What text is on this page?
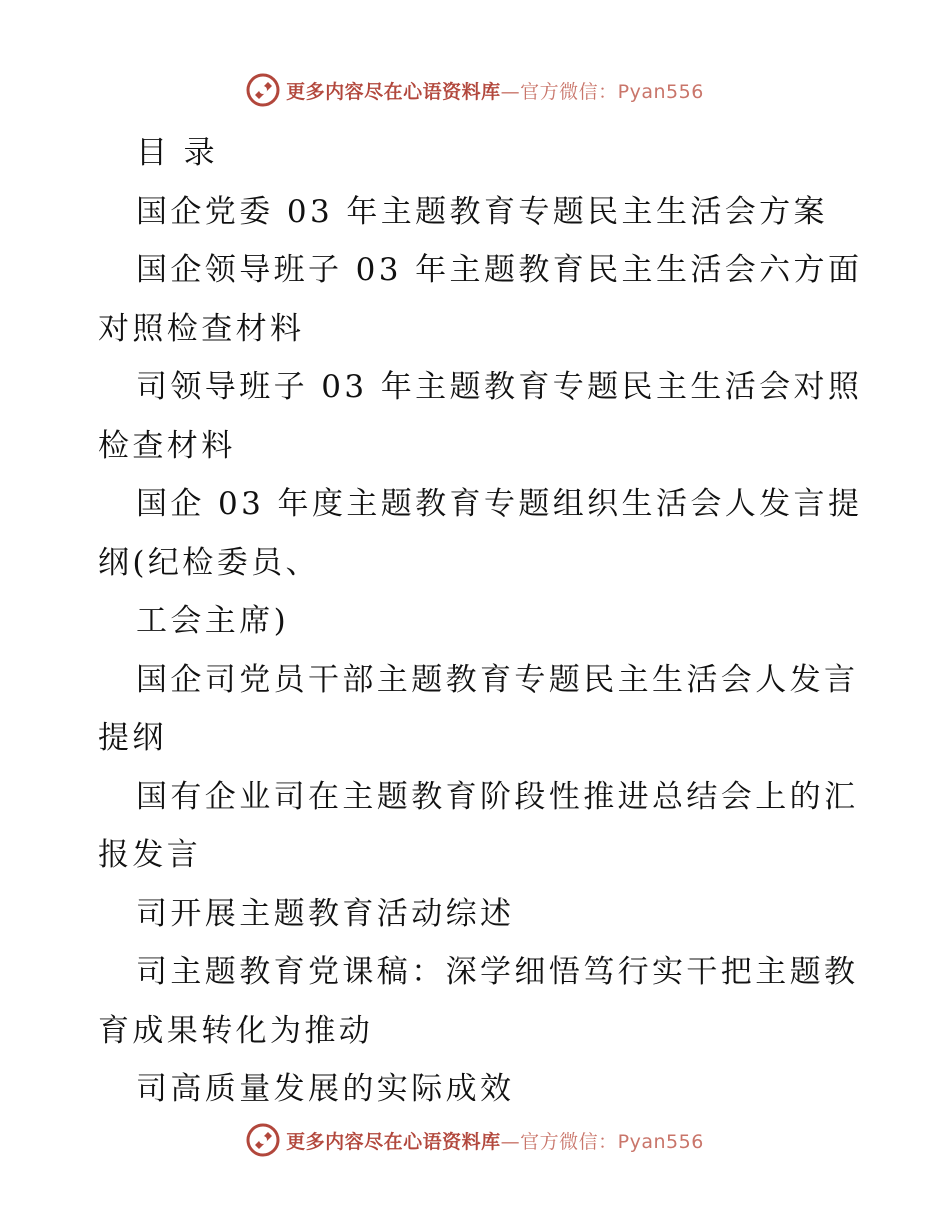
更多内容尽在心语资料库—官方微信：Pyan556
目 录
国企党委 03 年主题教育专题民主生活会方案
国企领导班子 03 年主题教育民主生活会六方面
对照检查材料
司领导班子 03 年主题教育专题民主生活会对照
检查材料
国企 03 年度主题教育专题组织生活会人发言提
纲(纪检委员、
工会主席)
国企司党员干部主题教育专题民主生活会人发言
提纲
国有企业司在主题教育阶段性推进总结会上的汇
报发言
司开展主题教育活动综述
司主题教育党课稿：深学细悟笃行实干把主题教
育成果转化为推动
司高质量发展的实际成效
更多内容尽在心语资料库—官方微信：Pyan556
